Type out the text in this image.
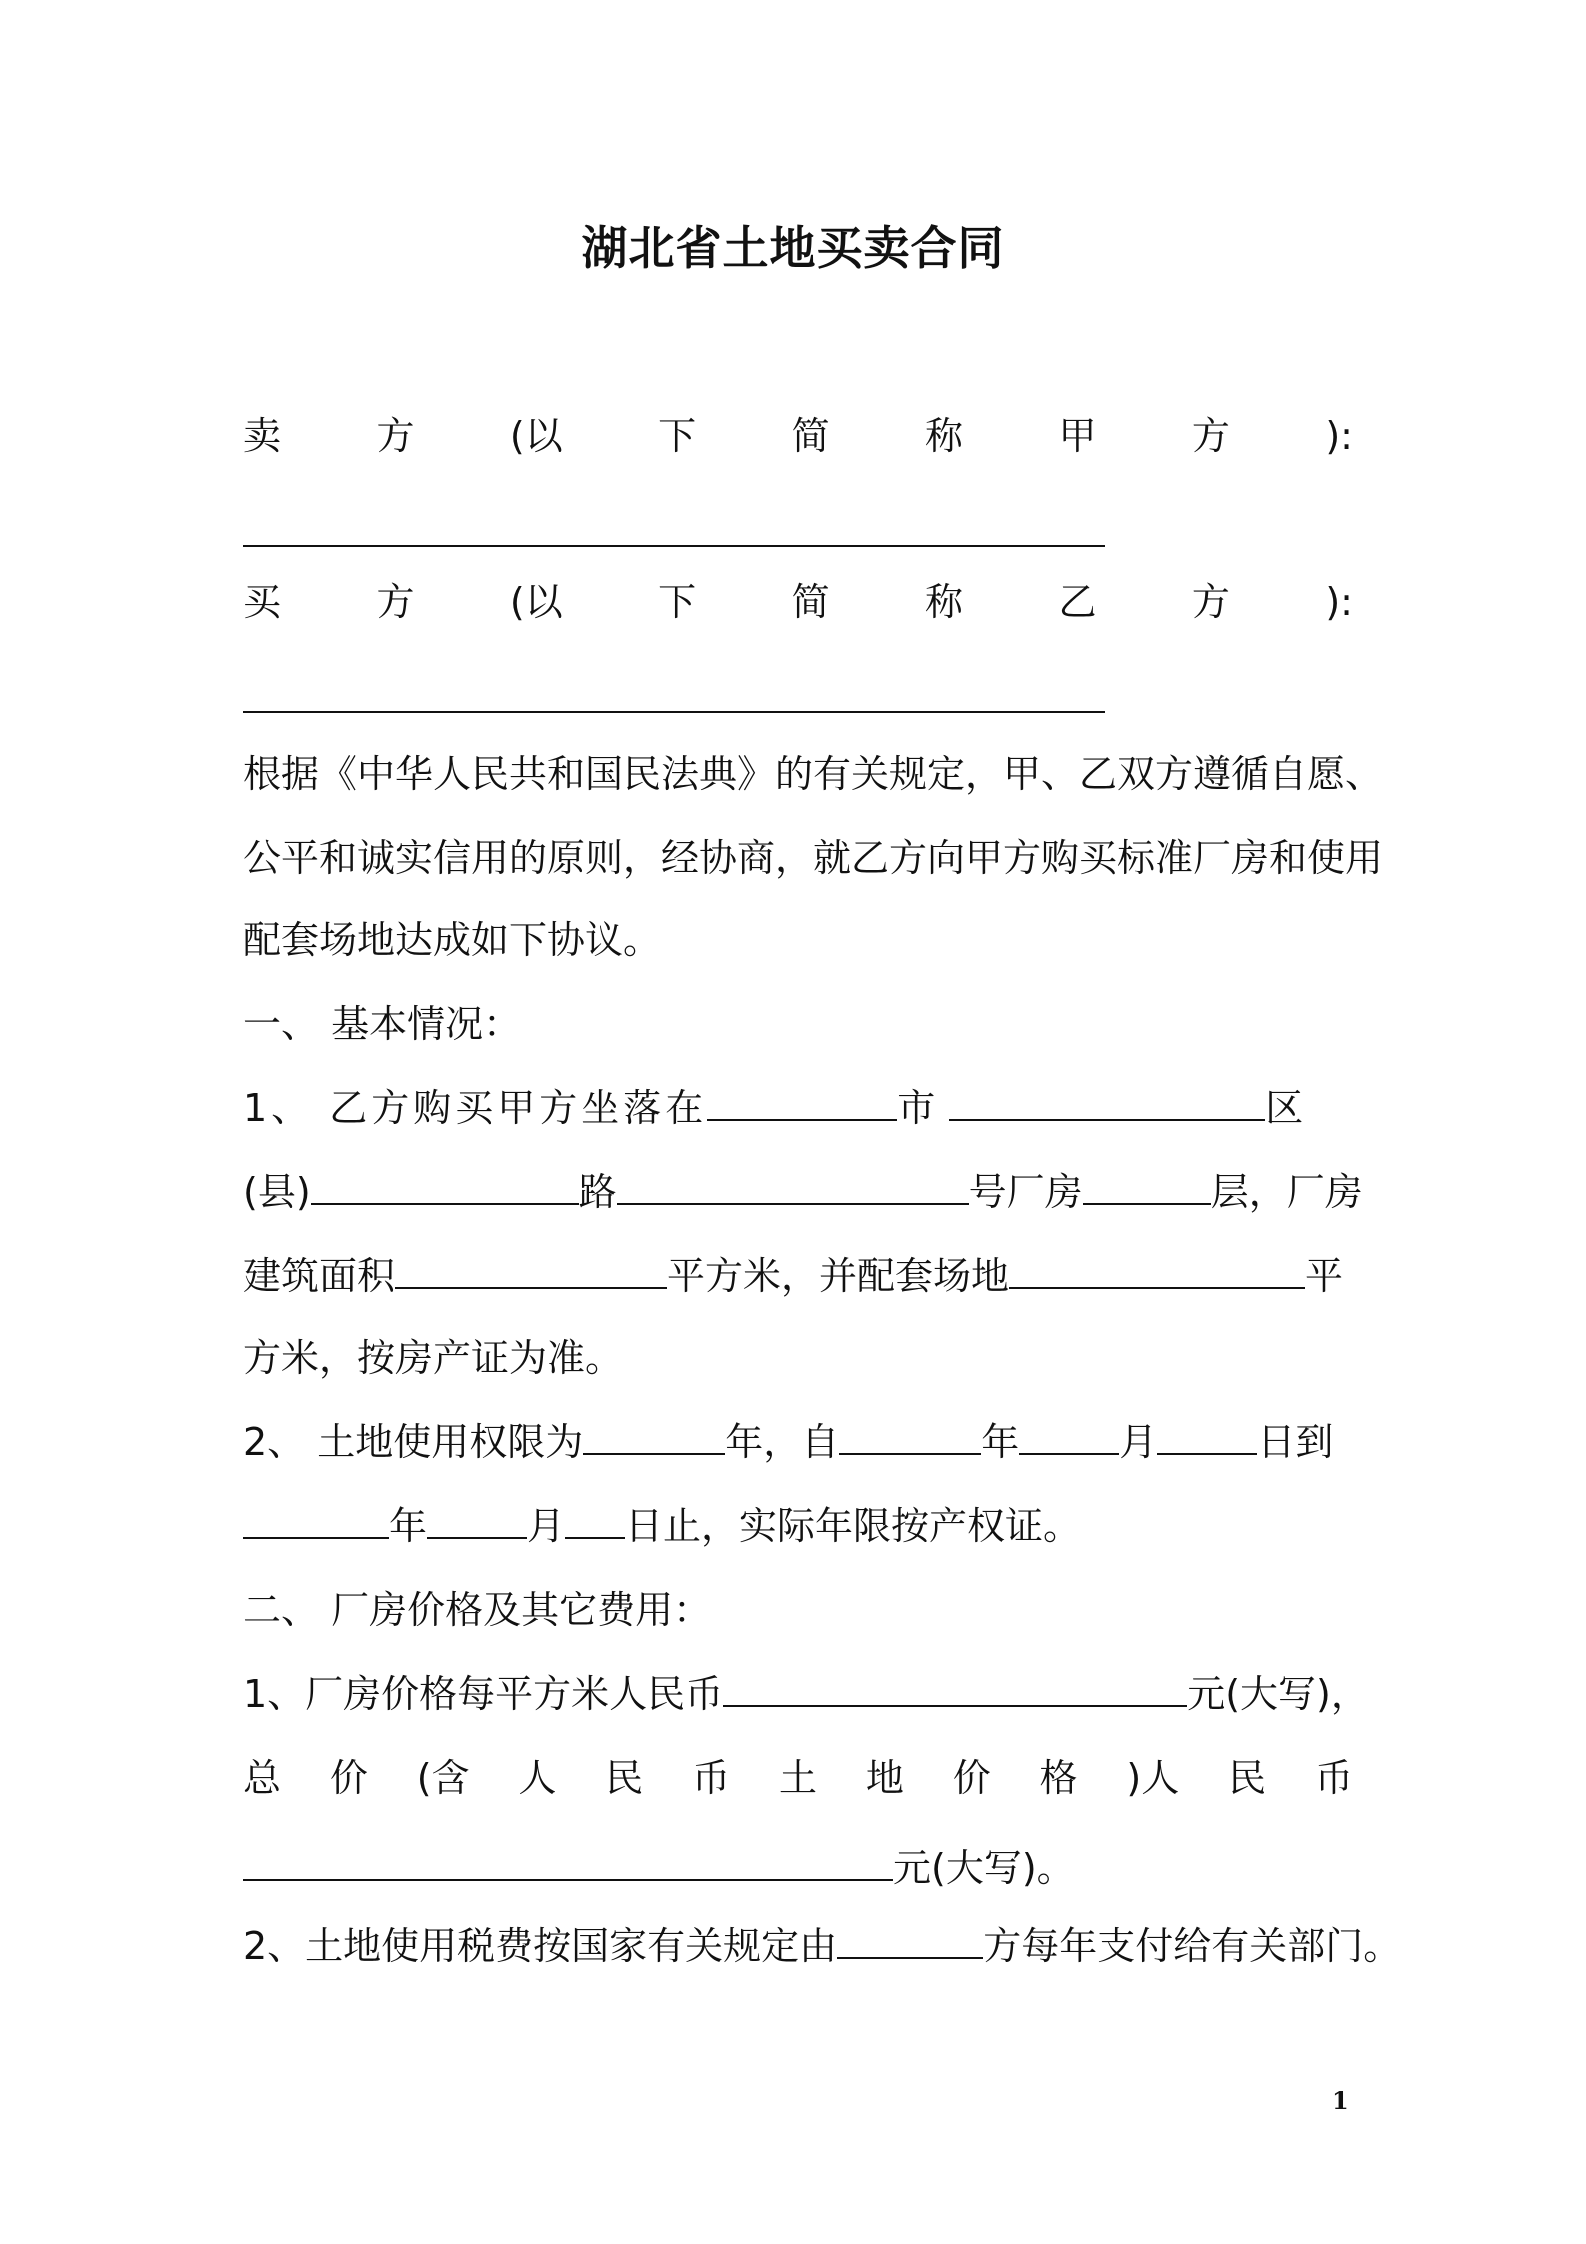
湖北省土地买卖合同
卖	方	(以	下	简	称	甲	方	):
买	方	(以	下	简	称	乙	方	):
根据《中华人民共和国民法典》的有关规定，甲、乙双方遵循自愿、
公平和诚实信用的原则，经协商，就乙方向甲方购买标准厂房和使用
配套场地达成如下协议。
一、 基本情况：
1、 乙方购买甲方坐落在	市	区
(县)	路	号厂房	层，厂房
建筑面积	平方米，并配套场地	平
方米，按房产证为准。
2、 土地使用权限为	年，自	年	月	日到
年	月 日止，实际年限按产权证。
二、 厂房价格及其它费用：
1、厂房价格每平方米人民币	元(大写)，
总 价 (含 人 民 币 土 地 价 格 )人 民 币
元(大写)。
2、土地使用税费按国家有关规定由	方每年支付给有关部门。
1
